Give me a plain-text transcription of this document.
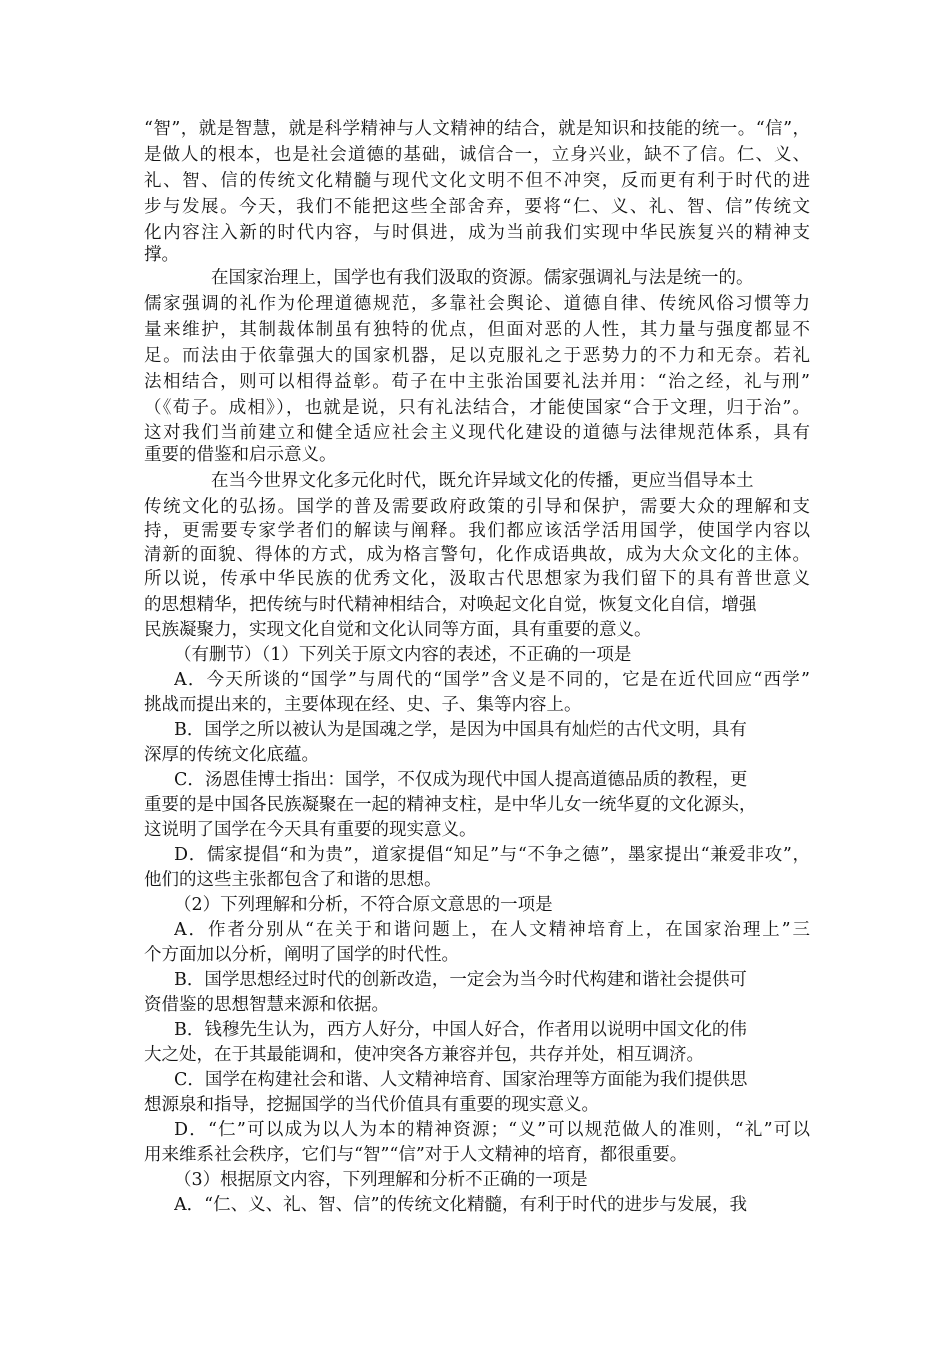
“智”，就是智慧，就是科学精神与人文精神的结合，就是知识和技能的统一。“信”，
是做人的根本，也是社会道德的基础，诚信合一，立身兴业，缺不了信。仁、义、
礼、智、信的传统文化精髓与现代文化文明不但不冲突，反而更有利于时代的进
步与发展。今天，我们不能把这些全部舍弃，要将“仁、义、礼、智、信”传统文
化内容注入新的时代内容，与时俱进，成为当前我们实现中华民族复兴的精神支
撑。
在国家治理上，国学也有我们汲取的资源。儒家强调礼与法是统一的。
儒家强调的礼作为伦理道德规范，多靠社会舆论、道德自律、传统风俗习惯等力
量来维护，其制裁体制虽有独特的优点，但面对恶的人性，其力量与强度都显不
足。而法由于依靠强大的国家机器，足以克服礼之于恶势力的不力和无奈。若礼
法相结合，则可以相得益彰。荀子在中主张治国要礼法并用：“治之经，礼与刑”
（《荀子。成相》），也就是说，只有礼法结合，才能使国家“合于文理，归于治”。
这对我们当前建立和健全适应社会主义现代化建设的道德与法律规范体系，具有
重要的借鉴和启示意义。
在当今世界文化多元化时代，既允许异域文化的传播，更应当倡导本土
传统文化的弘扬。国学的普及需要政府政策的引导和保护，需要大众的理解和支
持，更需要专家学者们的解读与阐释。我们都应该活学活用国学，使国学内容以
清新的面貌、得体的方式，成为格言警句，化作成语典故，成为大众文化的主体。
所以说，传承中华民族的优秀文化，汲取古代思想家为我们留下的具有普世意义
的思想精华，把传统与时代精神相结合，对唤起文化自觉，恢复文化自信，增强
民族凝聚力，实现文化自觉和文化认同等方面，具有重要的意义。
（有删节）（1）下列关于原文内容的表述，不正确的一项是
A．今天所谈的“国学”与周代的“国学”含义是不同的，它是在近代回应“西学”
挑战而提出来的，主要体现在经、史、子、集等内容上。
B．国学之所以被认为是国魂之学，是因为中国具有灿烂的古代文明，具有
深厚的传统文化底蕴。
C．汤恩佳博士指出：国学，不仅成为现代中国人提高道德品质的教程，更
重要的是中国各民族凝聚在一起的精神支柱，是中华儿女一统华夏的文化源头，
这说明了国学在今天具有重要的现实意义。
D．儒家提倡“和为贵”，道家提倡“知足”与“不争之德”，墨家提出“兼爱非攻”，
他们的这些主张都包含了和谐的思想。
（2）下列理解和分析，不符合原文意思的一项是
A．作者分别从“在关于和谐问题上，在人文精神培育上，在国家治理上”三
个方面加以分析，阐明了国学的时代性。
B．国学思想经过时代的创新改造，一定会为当今时代构建和谐社会提供可
资借鉴的思想智慧来源和依据。
B．钱穆先生认为，西方人好分，中国人好合，作者用以说明中国文化的伟
大之处，在于其最能调和，使冲突各方兼容并包，共存并处，相互调济。
C．国学在构建社会和谐、人文精神培育、国家治理等方面能为我们提供思
想源泉和指导，挖掘国学的当代价值具有重要的现实意义。
D．“仁”可以成为以人为本的精神资源；“义”可以规范做人的准则，“礼”可以
用来维系社会秩序，它们与“智”“信”对于人文精神的培育，都很重要。
（3）根据原文内容，下列理解和分析不正确的一项是
A．“仁、义、礼、智、信”的传统文化精髓，有利于时代的进步与发展，我
